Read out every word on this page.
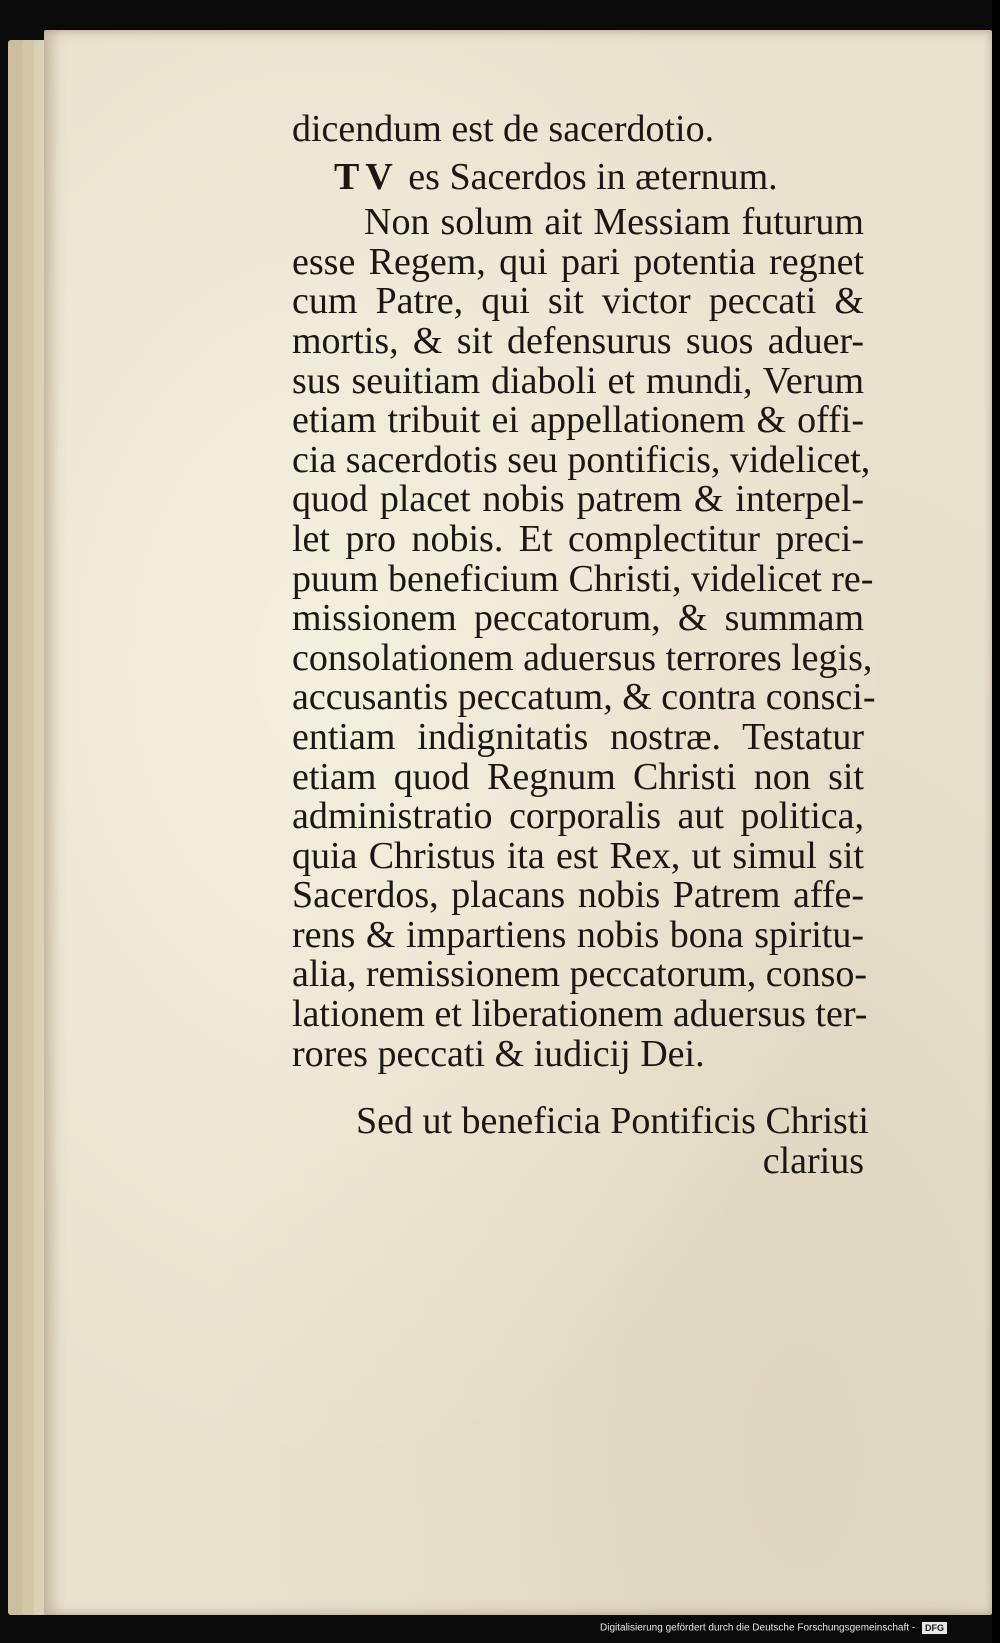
dicendum est de sacerdotio.
TV es Sacerdos in æternum.
Non solum ait Messiam futurum
esse Regem, qui pari potentia regnet
cum Patre, qui sit victor peccati &
mortis, & sit defensurus suos aduer-
sus seuitiam diaboli et mundi, Verum
etiam tribuit ei appellationem & offi-
cia sacerdotis seu pontificis, videlicet,
quod placet nobis patrem & interpel-
let pro nobis. Et complectitur preci-
puum beneficium Christi, videlicet re-
missionem peccatorum, & summam
consolationem aduersus terrores legis,
accusantis peccatum, & contra consci-
entiam indignitatis nostræ. Testatur
etiam quod Regnum Christi non sit
administratio corporalis aut politica,
quia Christus ita est Rex, ut simul sit
Sacerdos, placans nobis Patrem affe-
rens & impartiens nobis bona spiritu-
alia, remissionem peccatorum, conso-
lationem et liberationem aduersus ter-
rores peccati & iudicij Dei.
Sed ut beneficia Pontificis Christi
clarius
Digitalisierung gefördert durch die Deutsche Forschungsgemeinschaft - DFG
